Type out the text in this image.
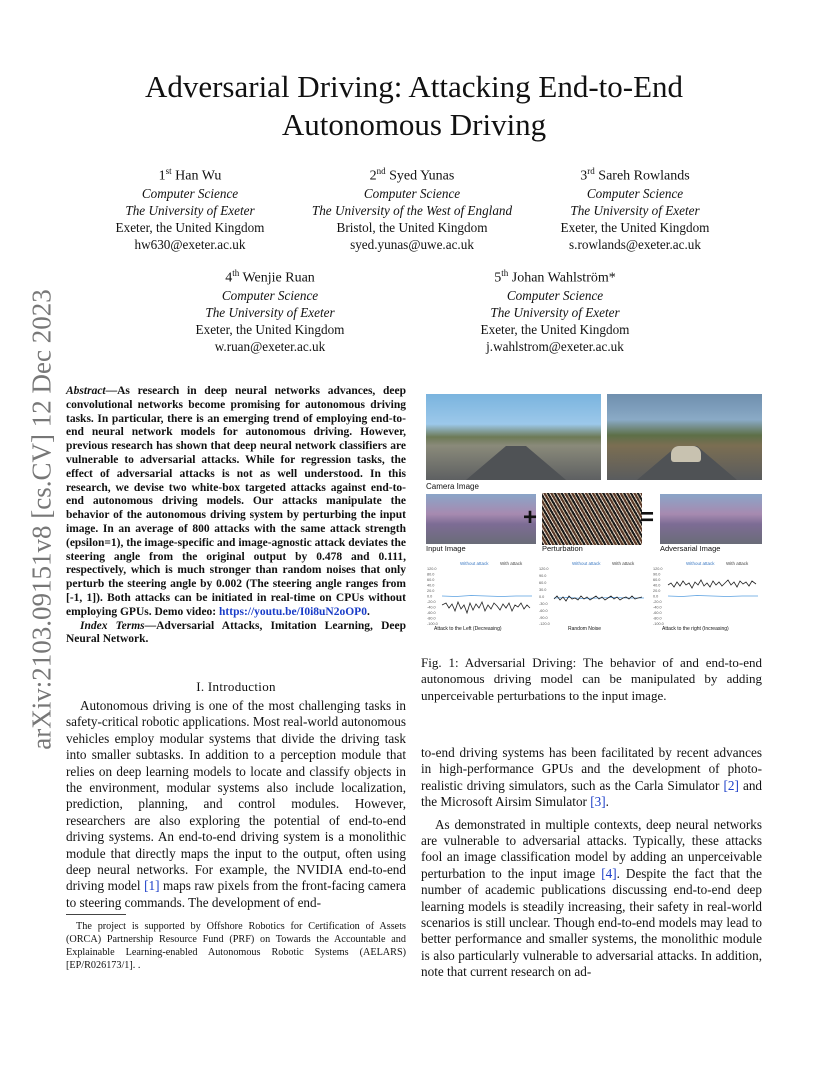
Adversarial Driving: Attacking End-to-End
Autonomous Driving
1st Han Wu
Computer Science
The University of Exeter
Exeter, the United Kingdom
hw630@exeter.ac.uk
2nd Syed Yunas
Computer Science
The University of the West of England
Bristol, the United Kingdom
syed.yunas@uwe.ac.uk
3rd Sareh Rowlands
Computer Science
The University of Exeter
Exeter, the United Kingdom
s.rowlands@exeter.ac.uk
4th Wenjie Ruan
Computer Science
The University of Exeter
Exeter, the United Kingdom
w.ruan@exeter.ac.uk
5th Johan Wahlström*
Computer Science
The University of Exeter
Exeter, the United Kingdom
j.wahlstrom@exeter.ac.uk
arXiv:2103.09151v8 [cs.CV] 12 Dec 2023 Abstract—As research in deep neural networks advances, deep convolutional networks become promising for autonomous driving tasks. In particular, there is an emerging trend of employing end-to-end neural network models for autonomous driving. However, previous research has shown that deep neural network classifiers are vulnerable to adversarial attacks. While for regression tasks, the effect of adversarial attacks is not as well understood. In this research, we devise two white-box targeted attacks against end-to-end autonomous driving models. Our attacks manipulate the behavior of the autonomous driving system by perturbing the input image. In an average of 800 attacks with the same attack strength (epsilon=1), the image-specific and image-agnostic attack deviates the steering angle from the original output by 0.478 and 0.111, respectively, which is much stronger than random noises that only perturb the steering angle by 0.002 (The steering angle ranges from [-1, 1]). Both attacks can be initiated in real-time on CPUs without employing GPUs. Demo video: https://youtu.be/I0i8uN2oOP0.

Index Terms—Adversarial Attacks, Imitation Learning, Deep Neural Network.

I. Introduction

Autonomous driving is one of the most challenging tasks in safety-critical robotic applications. Most real-world autonomous vehicles employ modular systems that divide the driving task into smaller subtasks. In addition to a perception module that relies on deep learning models to locate and classify objects in the environment, modular systems also include localization, prediction, planning, and control modules. However, researchers are also exploring the potential of end-to-end driving systems. An end-to-end driving system is a monolithic module that directly maps the input to the output, often using deep neural networks. For example, the NVIDIA end-to-end driving model [1] maps raw pixels from the front-facing camera to steering commands. The development of end-

The project is supported by Offshore Robotics for Certification of Assets (ORCA) Partnership Resource Fund (PRF) on Towards the Accountable and Explainable Learning-enabled Autonomous Robotic Systems (AELARS) [EP/R026173/1]. .

Camera Image
+	=
Input Image	Perturbation	Adversarial Image
Without attack	With attack
120.0
80.0
60.0
40.0
20.0
0.0
-20.0
-40.0
-60.0
-80.0
-100.0
Attack to the Left (Decreasing)
Without attack	With attack
120.0
90.0
60.0
30.0
0.0
-30.0
-60.0
-90.0
-120.0
Random Noise
Without attack	With attack
120.0
90.0
60.0
40.0
20.0
0.0
-20.0
-40.0
-60.0
-80.0
-100.0
Attack to the right (Increasing)
Fig. 1: Adversarial Driving: The behavior of and end-to-end autonomous driving model can be manipulated by adding unperceivable perturbations to the input image.

to-end driving systems has been facilitated by recent advances in high-performance GPUs and the development of photo-realistic driving simulators, such as the Carla Simulator [2] and the Microsoft Airsim Simulator [3].

As demonstrated in multiple contexts, deep neural networks are vulnerable to adversarial attacks. Typically, these attacks fool an image classification model by adding an unperceivable perturbation to the input image [4]. Despite the fact that the number of academic publications discussing end-to-end deep learning models is steadily increasing, their safety in real-world scenarios is still unclear. Though end-to-end models may lead to better performance and smaller systems, the monolithic module is also particularly vulnerable to adversarial attacks. In addition, note that current research on ad-
